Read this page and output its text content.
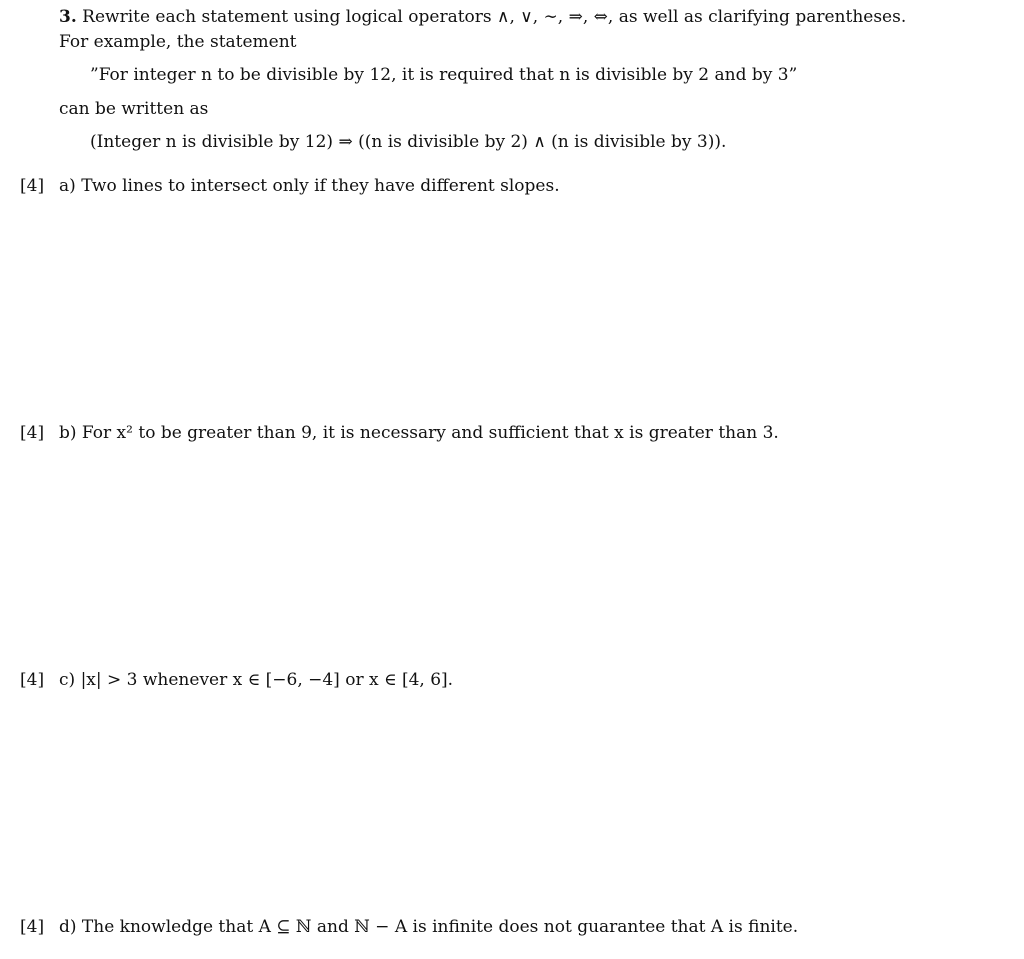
3. Rewrite each statement using logical operators ∧, ∨, ∼, ⇒, ⇔, as well as clarifying parentheses.
For example, the statement
”For integer n to be divisible by 12, it is required that n is divisible by 2 and by 3”
can be written as
(Integer n is divisible by 12) ⇒ ((n is divisible by 2) ∧ (n is divisible by 3)).
[4] a) Two lines to intersect only if they have different slopes.
[4] b) For x² to be greater than 9, it is necessary and sufficient that x is greater than 3.
[4] c) |x| > 3 whenever x ∈ [−6, −4] or x ∈ [4, 6].
[4] d) The knowledge that A ⊆ ℕ and ℕ − A is infinite does not guarantee that A is finite.
